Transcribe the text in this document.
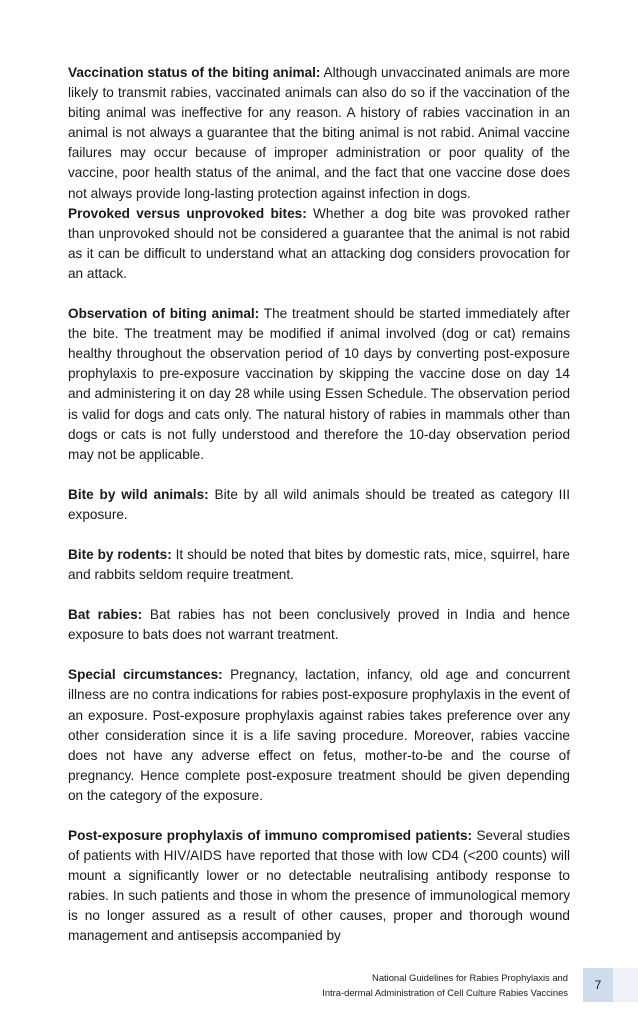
Vaccination status of the biting animal: Although unvaccinated animals are more likely to transmit rabies, vaccinated animals can also do so if the vaccination of the biting animal was ineffective for any reason. A history of rabies vaccination in an animal is not always a guarantee that the biting animal is not rabid. Animal vaccine failures may occur because of improper administration or poor quality of the vaccine, poor health status of the animal, and the fact that one vaccine dose does not always provide long-lasting protection against infection in dogs.

Provoked versus unprovoked bites: Whether a dog bite was provoked rather than unprovoked should not be considered a guarantee that the animal is not rabid as it can be difficult to understand what an attacking dog considers provocation for an attack.

Observation of biting animal: The treatment should be started immediately after the bite. The treatment may be modified if animal involved (dog or cat) remains healthy throughout the observation period of 10 days by converting post-exposure prophylaxis to pre-exposure vaccination by skipping the vaccine dose on day 14 and administering it on day 28 while using Essen Schedule. The observation period is valid for dogs and cats only. The natural history of rabies in mammals other than dogs or cats is not fully understood and therefore the 10-day observation period may not be applicable.

Bite by wild animals: Bite by all wild animals should be treated as category III exposure.

Bite by rodents: It should be noted that bites by domestic rats, mice, squirrel, hare and rabbits seldom require treatment.

Bat rabies: Bat rabies has not been conclusively proved in India and hence exposure to bats does not warrant treatment.

Special circumstances: Pregnancy, lactation, infancy, old age and concurrent illness are no contra indications for rabies post-exposure prophylaxis in the event of an exposure. Post-exposure prophylaxis against rabies takes preference over any other consideration since it is a life saving procedure. Moreover, rabies vaccine does not have any adverse effect on fetus, mother-to-be and the course of pregnancy. Hence complete post-exposure treatment should be given depending on the category of the exposure.

Post-exposure prophylaxis of immuno compromised patients: Several studies of patients with HIV/AIDS have reported that those with low CD4 (<200 counts) will mount a significantly lower or no detectable neutralising antibody response to rabies. In such patients and those in whom the presence of immunological memory is no longer assured as a result of other causes, proper and thorough wound management and antisepsis accompanied by

National Guidelines for Rabies Prophylaxis and
Intra-dermal Administration of Cell Culture Rabies Vaccines
7
